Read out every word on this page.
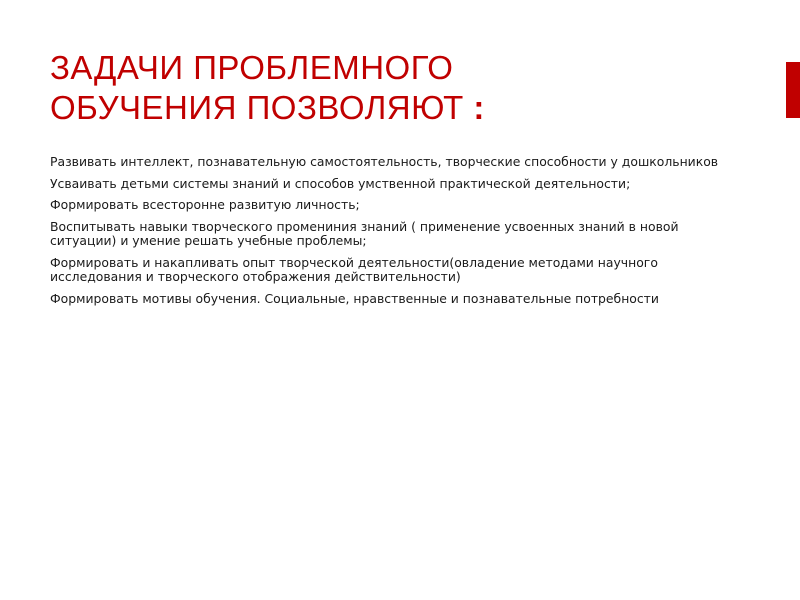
ЗАДАЧИ ПРОБЛЕМНОГО
ОБУЧЕНИЯ ПОЗВОЛЯЮТ :
Развивать интеллект, познавательную самостоятельность, творческие способности у дошкольников
Усваивать детьми системы знаний и способов умственной практической деятельности;
Формировать всесторонне развитую личность;
Воспитывать навыки творческого промениния знаний ( применение усвоенных знаний в новой ситуации) и умение решать учебные проблемы;
Формировать и накапливать опыт творческой деятельности(овладение методами научного исследования и творческого отображения действительности)
Формировать мотивы обучения. Социальные, нравственные и познавательные потребности
